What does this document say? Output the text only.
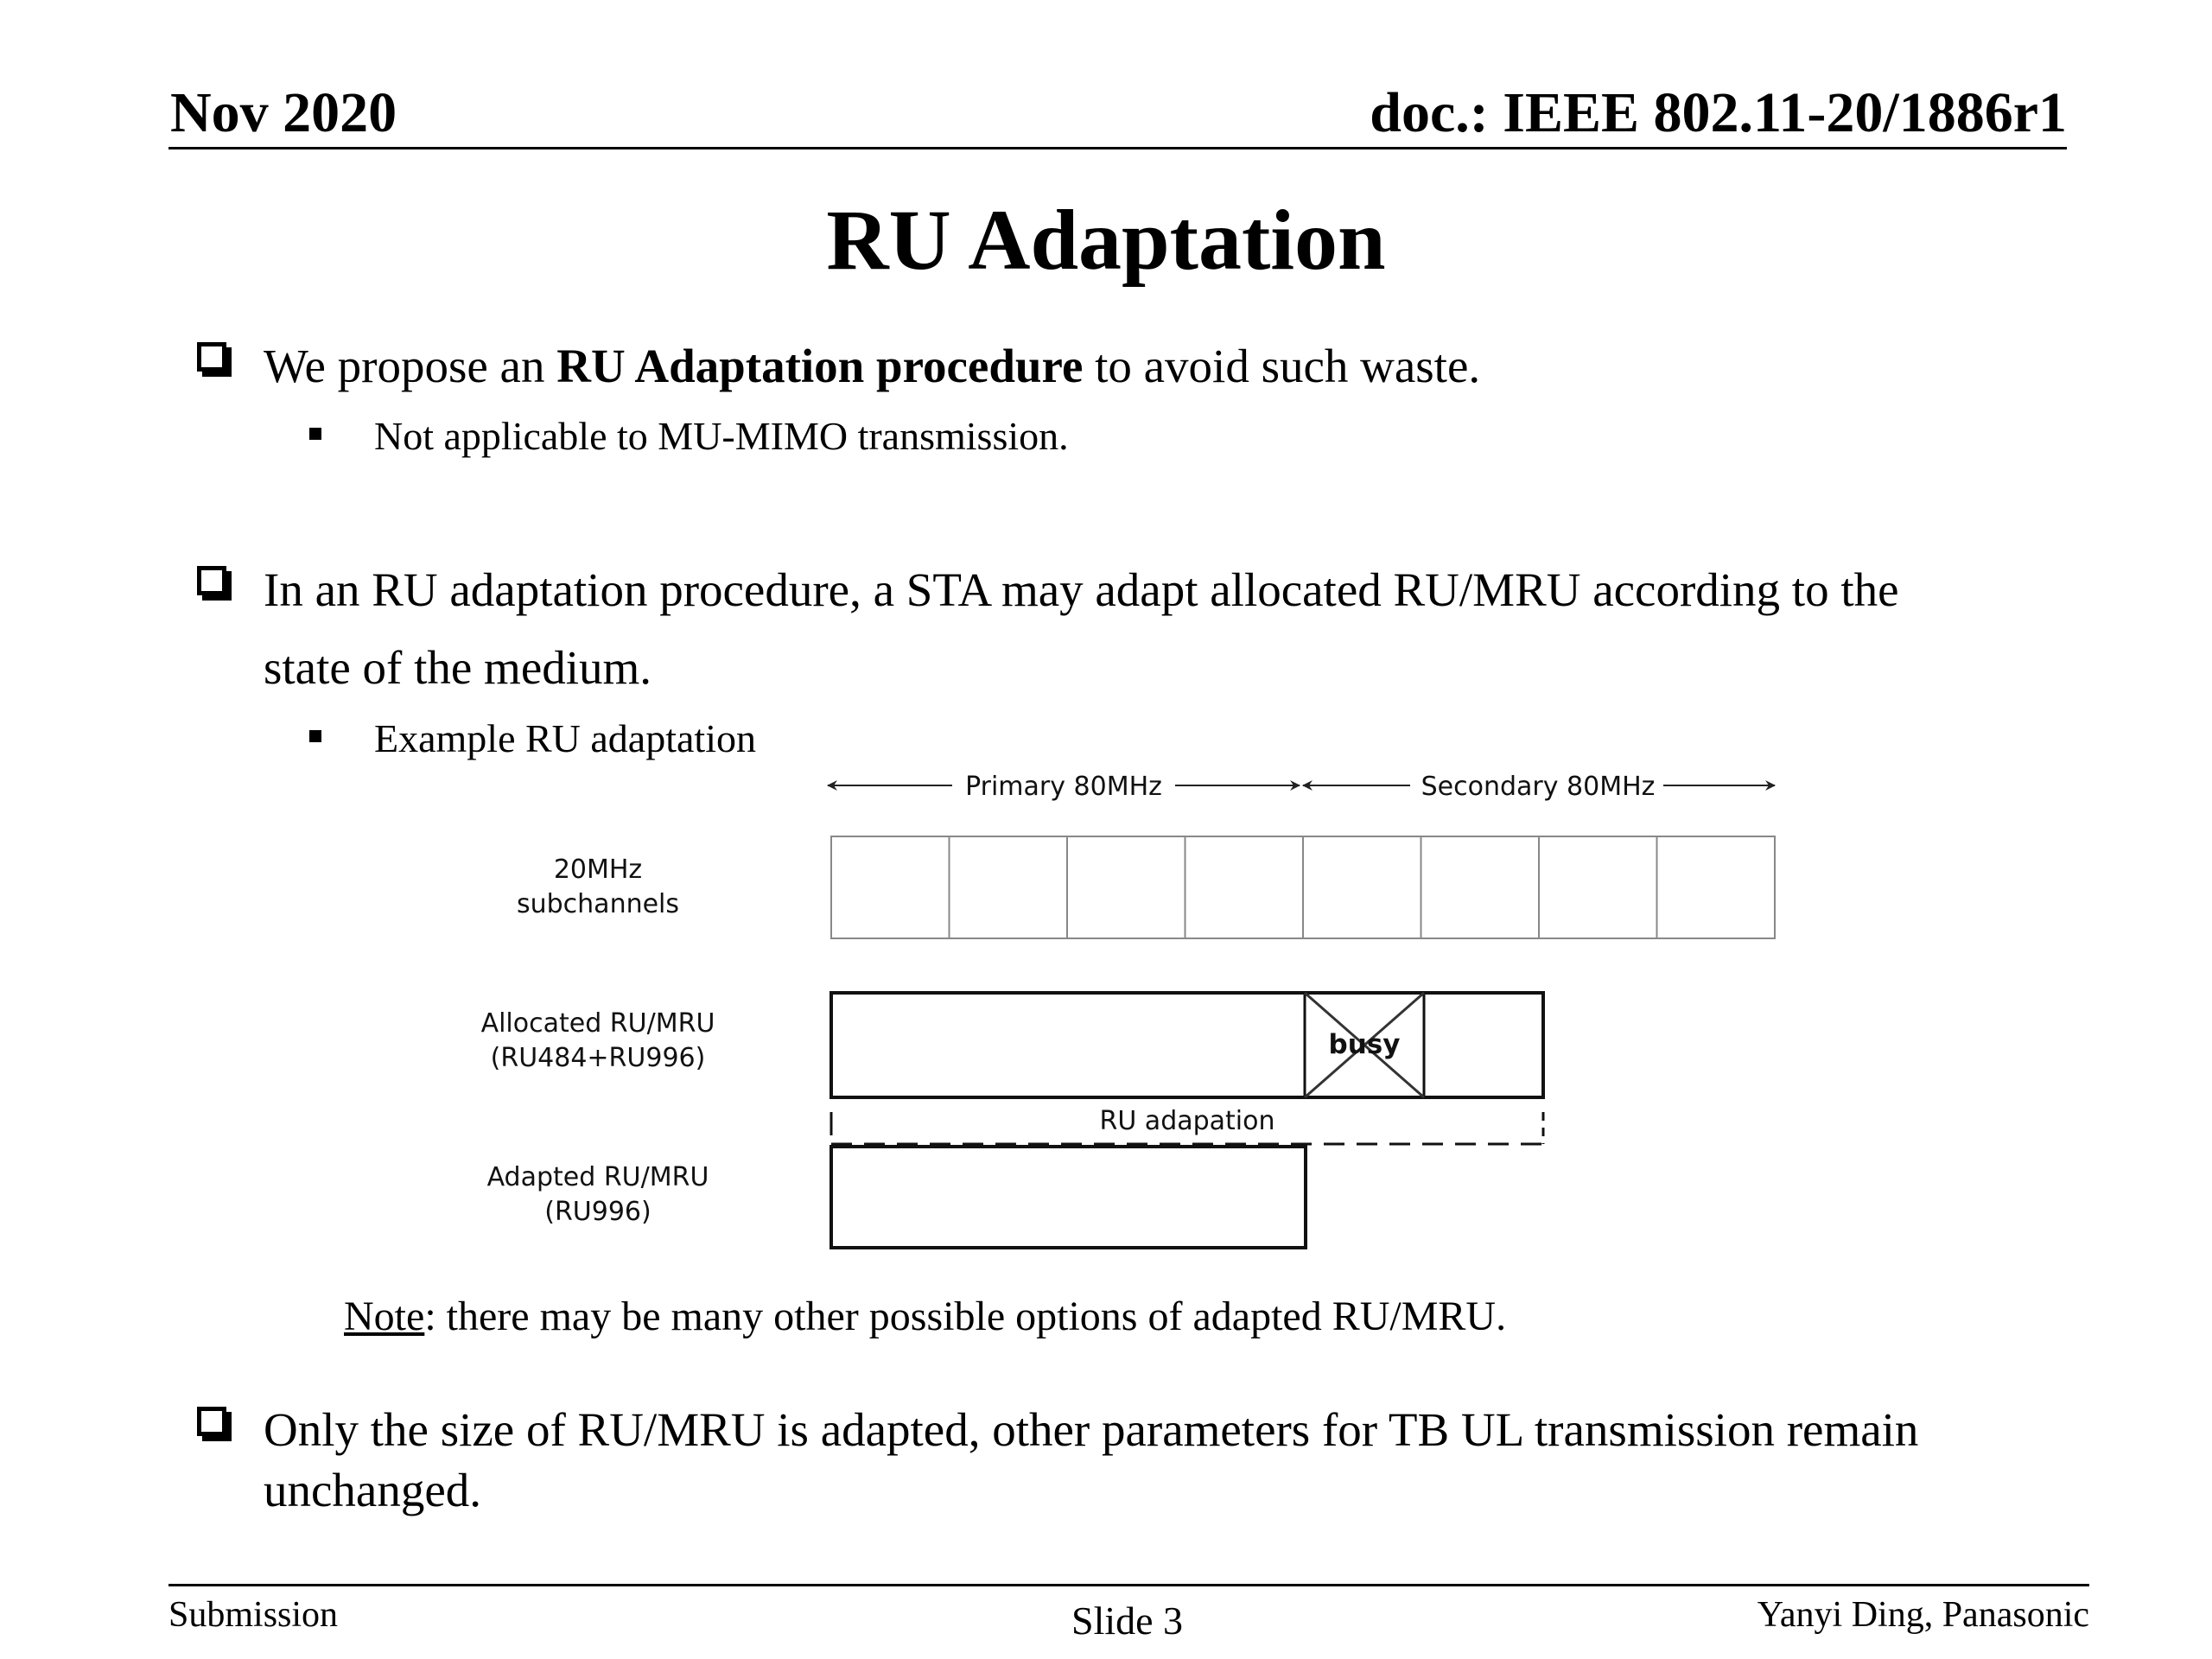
Nov 2020	doc.: IEEE 802.11-20/1886r1
RU Adaptation
We propose an RU Adaptation procedure to avoid such waste.
Not applicable to MU-MIMO transmission.
In an RU adaptation procedure, a STA may adapt allocated RU/MRU according to the
state of the medium.
Example RU adaptation
Primary 80MHz	Secondary 80MHz
20MHz
subchannels
Allocated RU/MRU
(RU484+RU996)
Adapted RU/MRU
(RU996)
busy
RU adapation
Note: there may be many other possible options of adapted RU/MRU.
Only the size of RU/MRU is adapted, other parameters for TB UL transmission remain
unchanged.
Submission	Slide 3	Yanyi Ding, Panasonic
